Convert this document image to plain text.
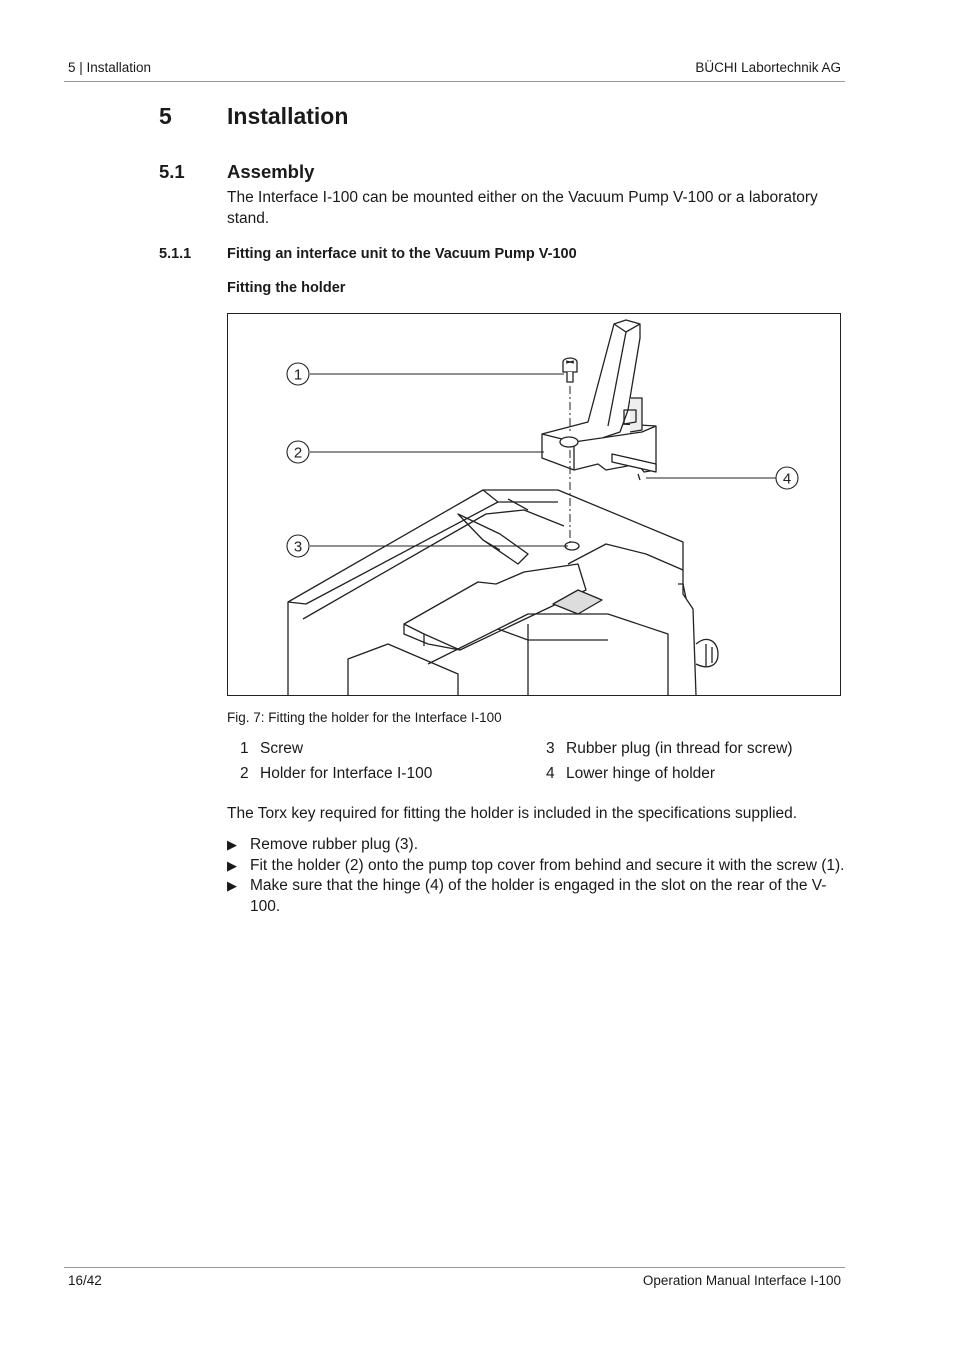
5 | Installation	BÜCHI Labortechnik AG
5 Installation
5.1 Assembly
The Interface I-100 can be mounted either on the Vacuum Pump V-100 or a laboratory stand.
5.1.1 Fitting an interface unit to the Vacuum Pump V-100
Fitting the holder
1
2
3
4
Fig. 7: Fitting the holder for the Interface I-100
1 Screw
2 Holder for Interface I-100
3 Rubber plug (in thread for screw)
4 Lower hinge of holder
The Torx key required for fitting the holder is included in the specifications supplied.

▶ Remove rubber plug (3).

▶ Fit the holder (2) onto the pump top cover from behind and secure it with the screw (1).

▶ Make sure that the hinge (4) of the holder is engaged in the slot on the rear of the V-100.

16/42	Operation Manual Interface I-100
